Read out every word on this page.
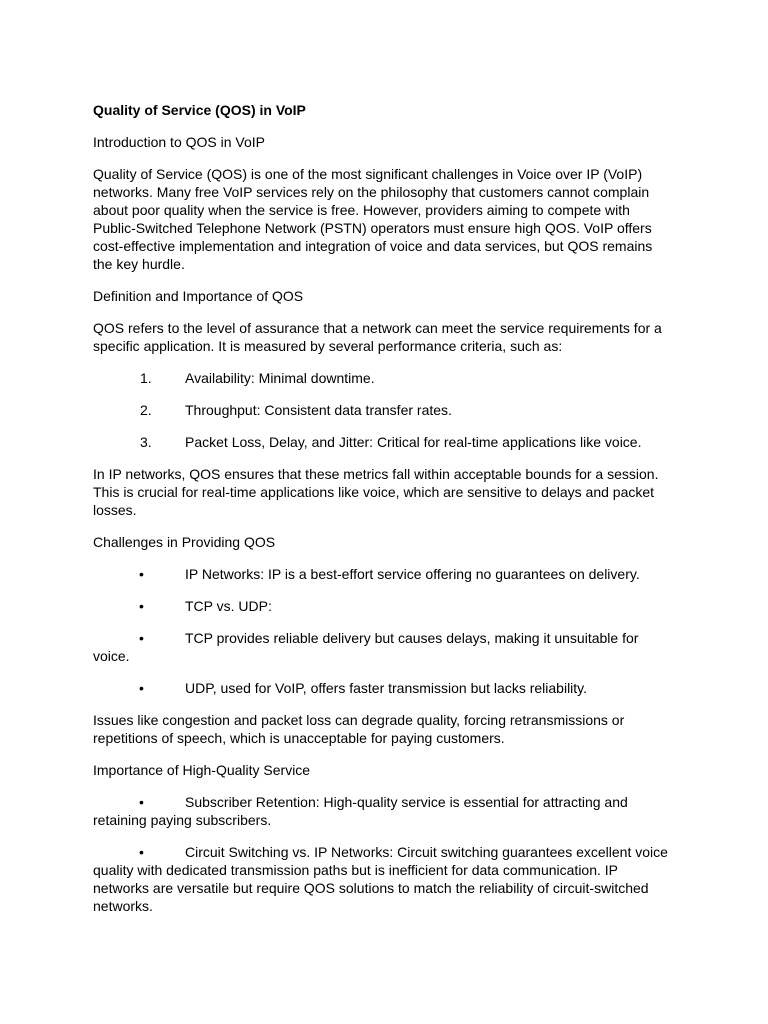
Quality of Service (QOS) in VoIP
Introduction to QOS in VoIP
Quality of Service (QOS) is one of the most significant challenges in Voice over IP (VoIP) networks. Many free VoIP services rely on the philosophy that customers cannot complain about poor quality when the service is free. However, providers aiming to compete with Public-Switched Telephone Network (PSTN) operators must ensure high QOS. VoIP offers cost-effective implementation and integration of voice and data services, but QOS remains the key hurdle.
Definition and Importance of QOS
QOS refers to the level of assurance that a network can meet the service requirements for a specific application. It is measured by several performance criteria, such as:
1. Availability: Minimal downtime.
2. Throughput: Consistent data transfer rates.
3. Packet Loss, Delay, and Jitter: Critical for real-time applications like voice.
In IP networks, QOS ensures that these metrics fall within acceptable bounds for a session. This is crucial for real-time applications like voice, which are sensitive to delays and packet losses.
Challenges in Providing QOS
•	IP Networks: IP is a best-effort service offering no guarantees on delivery.
•	TCP vs. UDP:
•	TCP provides reliable delivery but causes delays, making it unsuitable for voice.
•	UDP, used for VoIP, offers faster transmission but lacks reliability.
Issues like congestion and packet loss can degrade quality, forcing retransmissions or repetitions of speech, which is unacceptable for paying customers.
Importance of High-Quality Service
•	Subscriber Retention: High-quality service is essential for attracting and retaining paying subscribers.
•	Circuit Switching vs. IP Networks: Circuit switching guarantees excellent voice quality with dedicated transmission paths but is inefficient for data communication. IP networks are versatile but require QOS solutions to match the reliability of circuit-switched networks.
